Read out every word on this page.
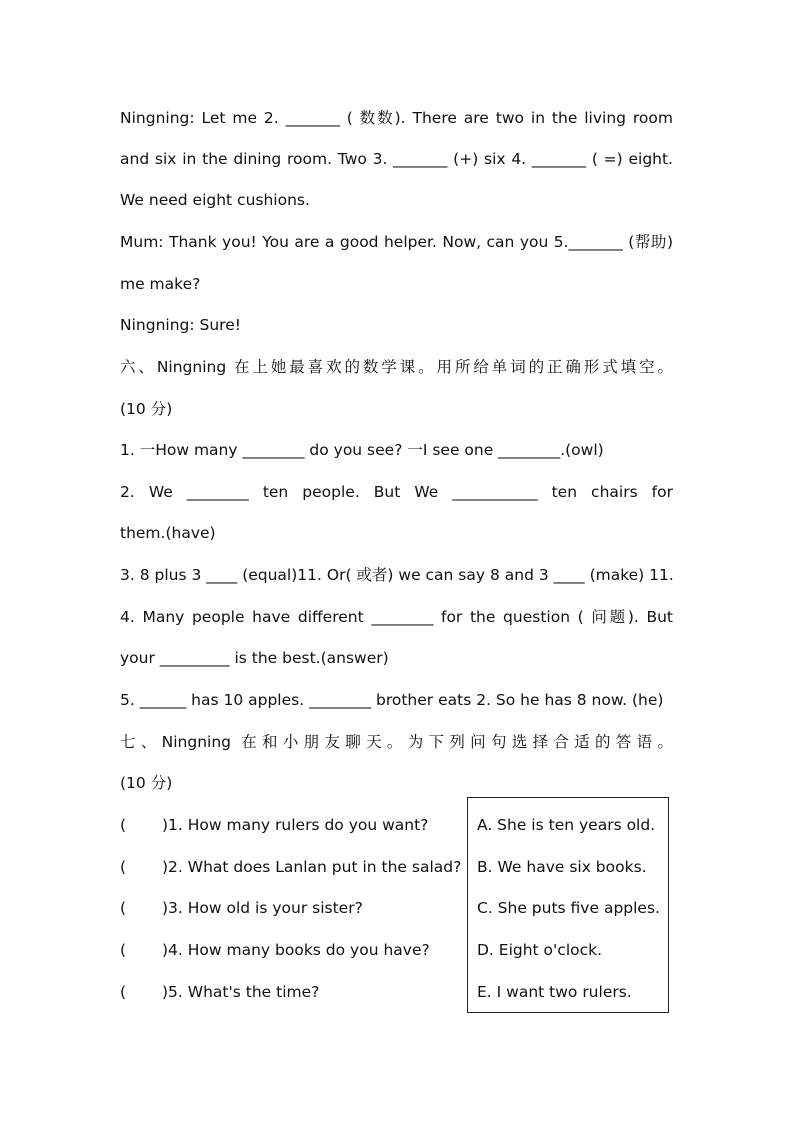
Ningning: Let me 2. _______ ( 数数). There are two in the living room
and six in the dining room. Two 3. _______ (+) six 4. _______ ( =) eight.
We need eight cushions.
Mum: Thank you! You are a good helper. Now, can you 5._______ (帮助)
me make?
Ningning: Sure!
六、Ningning 在上她最喜欢的数学课。用所给单词的正确形式填空。
(10 分)
1. 一How many ________ do you see? 一I see one ________.(owl)
2. We ________ ten people. But We ___________ ten chairs for
them.(have)
3. 8 plus 3 ____ (equal)11. Or( 或者) we can say 8 and 3 ____ (make) 11.
4. Many people have different ________ for the question ( 问题). But
your _________ is the best.(answer)
5. ______ has 10 apples. ________ brother eats 2. So he has 8 now. (he)
七、Ningning 在和小朋友聊天。为下列问句选择合适的答语。
(10 分)
( )1. How many rulers do you want?
( )2. What does Lanlan put in the salad?
( )3. How old is your sister?
( )4. How many books do you have?
( )5. What's the time?
A. She is ten years old.
B. We have six books.
C. She puts five apples.
D. Eight o'clock.
E. I want two rulers.
